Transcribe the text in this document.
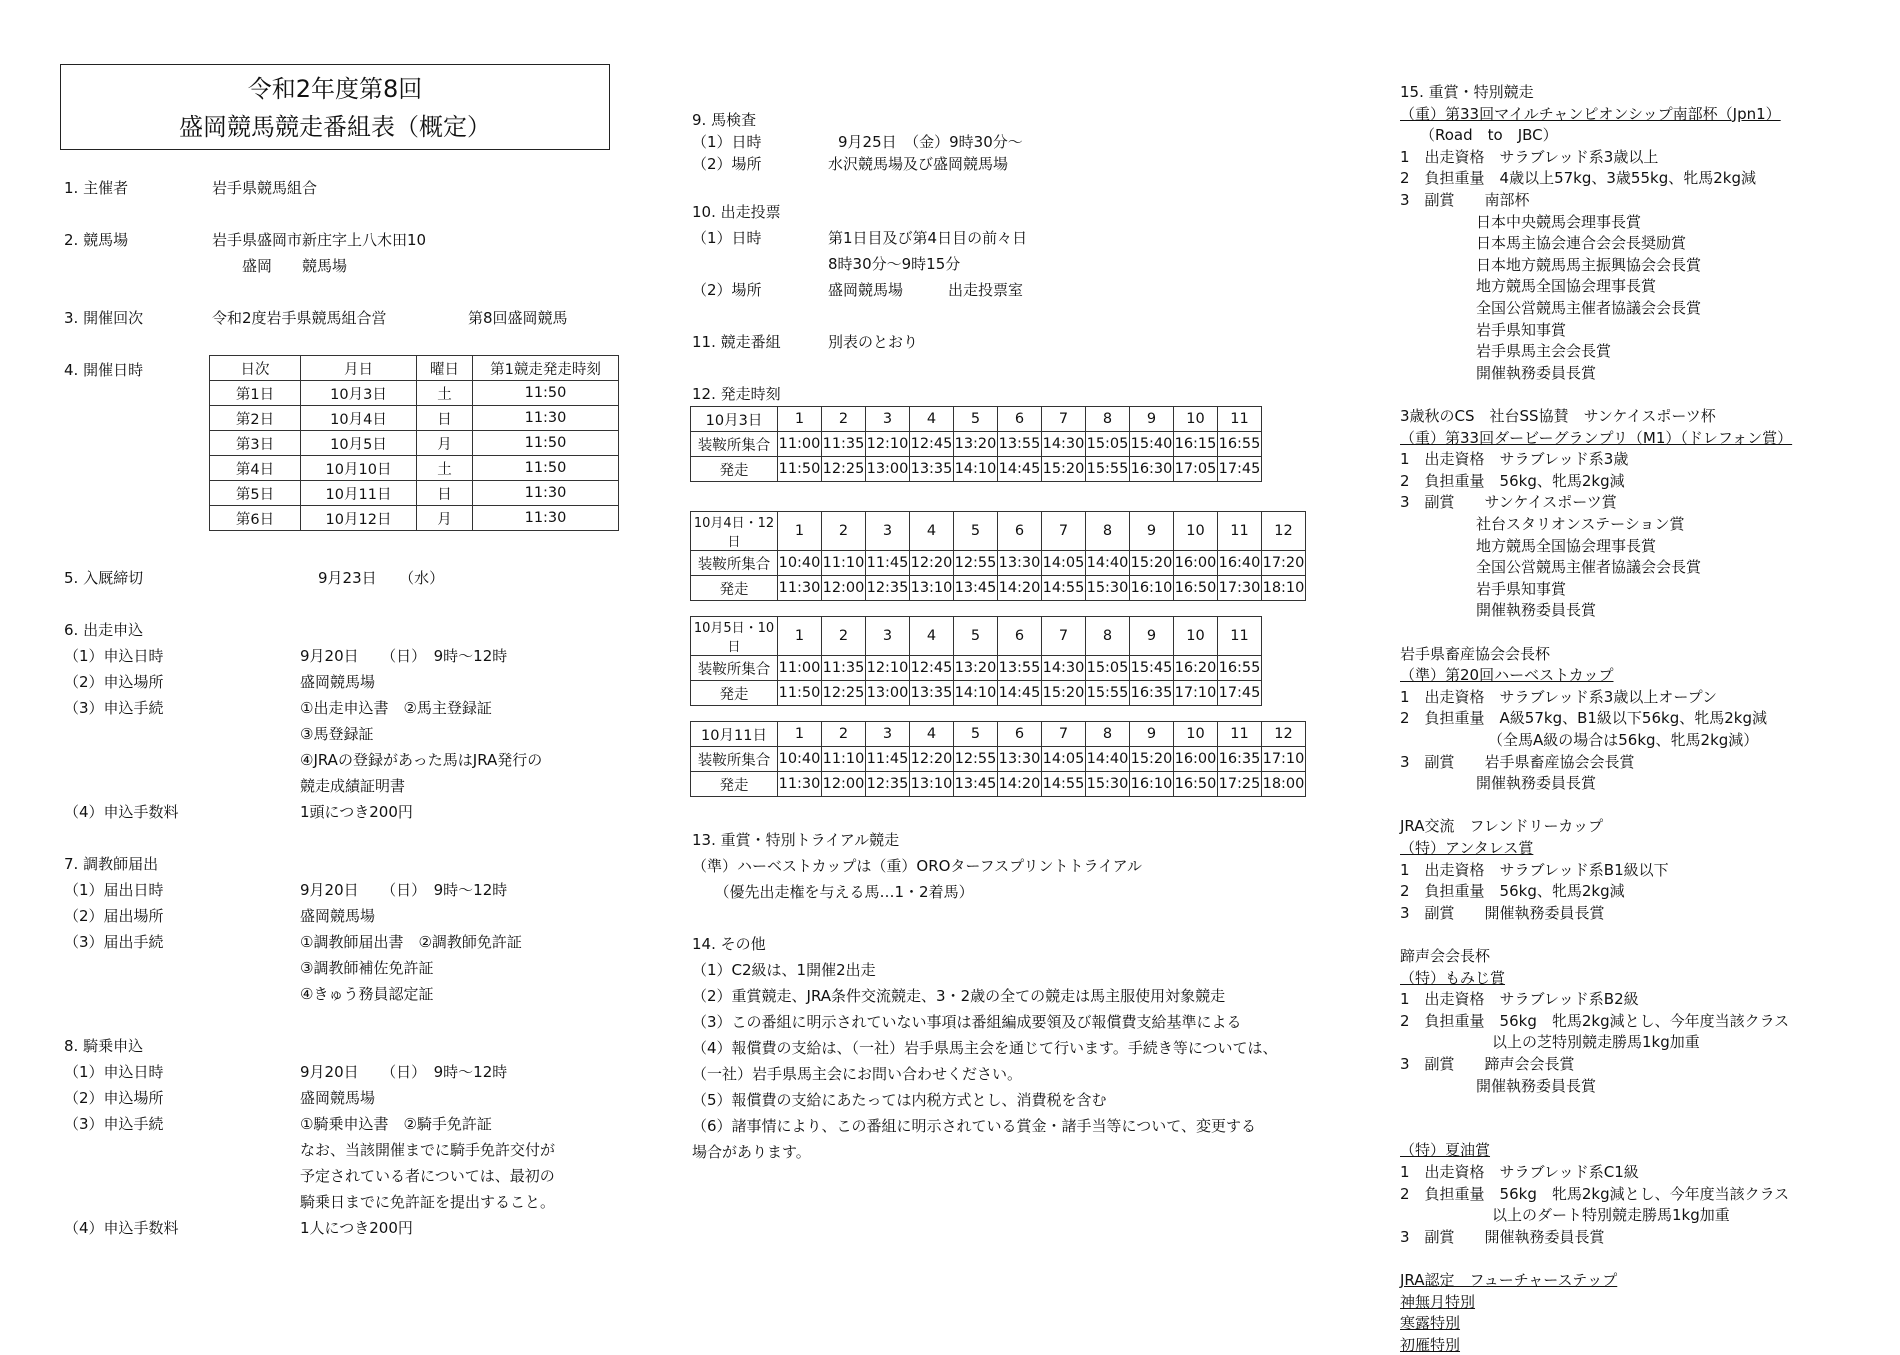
令和2年度第8回
盛岡競馬競走番組表（概定）
1. 主催者	岩手県競馬組合
2. 競馬場	岩手県盛岡市新庄字上八木田10
　　盛岡　　競馬場
3. 開催回次	令和2度岩手県競馬組合営	第8回盛岡競馬
4. 開催日時	日次	月日	曜日	第1競走発走時刻
第1日	10月3日	土	11:50
第2日	10月4日	日	11:30
第3日	10月5日	月	11:50
第4日	10月10日	土	11:50
第5日	10月11日	日	11:30
第6日	10月12日	月	11:30
5. 入厩締切	9月23日　　（水）
6. 出走申込
（1）申込日時	9月20日　　（日）　9時～12時
（2）申込場所	盛岡競馬場
（3）申込手続	①出走申込書　②馬主登録証
③馬登録証
④JRAの登録があった馬はJRA発行の
競走成績証明書
（4）申込手数料	1頭につき200円
7. 調教師届出
（1）届出日時	9月20日　　（日）　9時～12時
（2）届出場所	盛岡競馬場
（3）届出手続	①調教師届出書　②調教師免許証
③調教師補佐免許証
④きゅう務員認定証
8. 騎乗申込
（1）申込日時	9月20日　　（日）　9時～12時
（2）申込場所	盛岡競馬場
（3）申込手続	①騎乗申込書　②騎手免許証
なお、当該開催までに騎手免許交付が
予定されている者については、最初の
騎乗日までに免許証を提出すること。
（4）申込手数料	1人につき200円
9. 馬検査
（1）日時	9月25日　（金）9時30分～
（2）場所	水沢競馬場及び盛岡競馬場
10. 出走投票
（1）日時	第1日目及び第4日目の前々日
8時30分～9時15分
（2）場所	盛岡競馬場　　　出走投票室
11. 競走番組	別表のとおり
12. 発走時刻
10月3日	1	2	3	4	5	6	7	8	9	10	11
装鞍所集合	11:00	11:35	12:10	12:45	13:20	13:55	14:30	15:05	15:40	16:15	16:55
発走	11:50	12:25	13:00	13:35	14:10	14:45	15:20	15:55	16:30	17:05	17:45
10月4日・12日	1	2	3	4	5	6	7	8	9	10	11	12
装鞍所集合	10:40	11:10	11:45	12:20	12:55	13:30	14:05	14:40	15:20	16:00	16:40	17:20
発走	11:30	12:00	12:35	13:10	13:45	14:20	14:55	15:30	16:10	16:50	17:30	18:10
10月5日・10日	1	2	3	4	5	6	7	8	9	10	11
装鞍所集合	11:00	11:35	12:10	12:45	13:20	13:55	14:30	15:05	15:45	16:20	16:55
発走	11:50	12:25	13:00	13:35	14:10	14:45	15:20	15:55	16:35	17:10	17:45
10月11日	1	2	3	4	5	6	7	8	9	10	11	12
装鞍所集合	10:40	11:10	11:45	12:20	12:55	13:30	14:05	14:40	15:20	16:00	16:35	17:10
発走	11:30	12:00	12:35	13:10	13:45	14:20	14:55	15:30	16:10	16:50	17:25	18:00
13. 重賞・特別トライアル競走
（準）ハーベストカップは（重）OROターフスプリントトライアル
　　（優先出走権を与える馬…1・2着馬）
14. その他
（1）C2級は、1開催2出走
（2）重賞競走、JRA条件交流競走、3・2歳の全ての競走は馬主服使用対象競走
（3）この番組に明示されていない事項は番組編成要領及び報償費支給基準による
（4）報償費の支給は、（一社）岩手県馬主会を通じて行います。手続き等については、
（一社）岩手県馬主会にお問い合わせください。
（5）報償費の支給にあたっては内税方式とし、消費税を含む
（6）諸事情により、この番組に明示されている賞金・諸手当等について、変更する
場合があります。
15. 重賞・特別競走
（重）第33回マイルチャンピオンシップ南部杯（Jpn1）
（Road　to　JBC）
1　出走資格　サラブレッド系3歳以上
2　負担重量　4歳以上57kg、3歳55kg、牝馬2kg減
3　副賞　　南部杯
日本中央競馬会理事長賞
日本馬主協会連合会会長奨励賞
日本地方競馬馬主振興協会会長賞
地方競馬全国協会理事長賞
全国公営競馬主催者協議会会長賞
岩手県知事賞
岩手県馬主会会長賞
開催執務委員長賞
3歳秋のCS　社台SS協賛　サンケイスポーツ杯
（重）第33回ダービーグランプリ（M1）（ドレフォン賞）
1　出走資格　サラブレッド系3歳
2　負担重量　56kg、牝馬2kg減
3　副賞　　サンケイスポーツ賞
社台スタリオンステーション賞
地方競馬全国協会理事長賞
全国公営競馬主催者協議会会長賞
岩手県知事賞
開催執務委員長賞
岩手県畜産協会会長杯
（準）第20回ハーベストカップ
1　出走資格　サラブレッド系3歳以上オープン
2　負担重量　A級57kg、B1級以下56kg、牝馬2kg減
（全馬A級の場合は56kg、牝馬2kg減）
3　副賞　　岩手県畜産協会会長賞
開催執務委員長賞
JRA交流　フレンドリーカップ
（特）アンタレス賞
1　出走資格　サラブレッド系B1級以下
2　負担重量　56kg、牝馬2kg減
3　副賞　　開催執務委員長賞
蹄声会会長杯
（特）もみじ賞
1　出走資格　サラブレッド系B2級
2　負担重量　56kg　牝馬2kg減とし、今年度当該クラス
以上の芝特別競走勝馬1kg加重
3　副賞　　蹄声会会長賞
開催執務委員長賞
（特）夏油賞
1　出走資格　サラブレッド系C1級
2　負担重量　56kg　牝馬2kg減とし、今年度当該クラス
以上のダート特別競走勝馬1kg加重
3　副賞　　開催執務委員長賞
JRA認定　フューチャーステップ
神無月特別
寒露特別
初雁特別
